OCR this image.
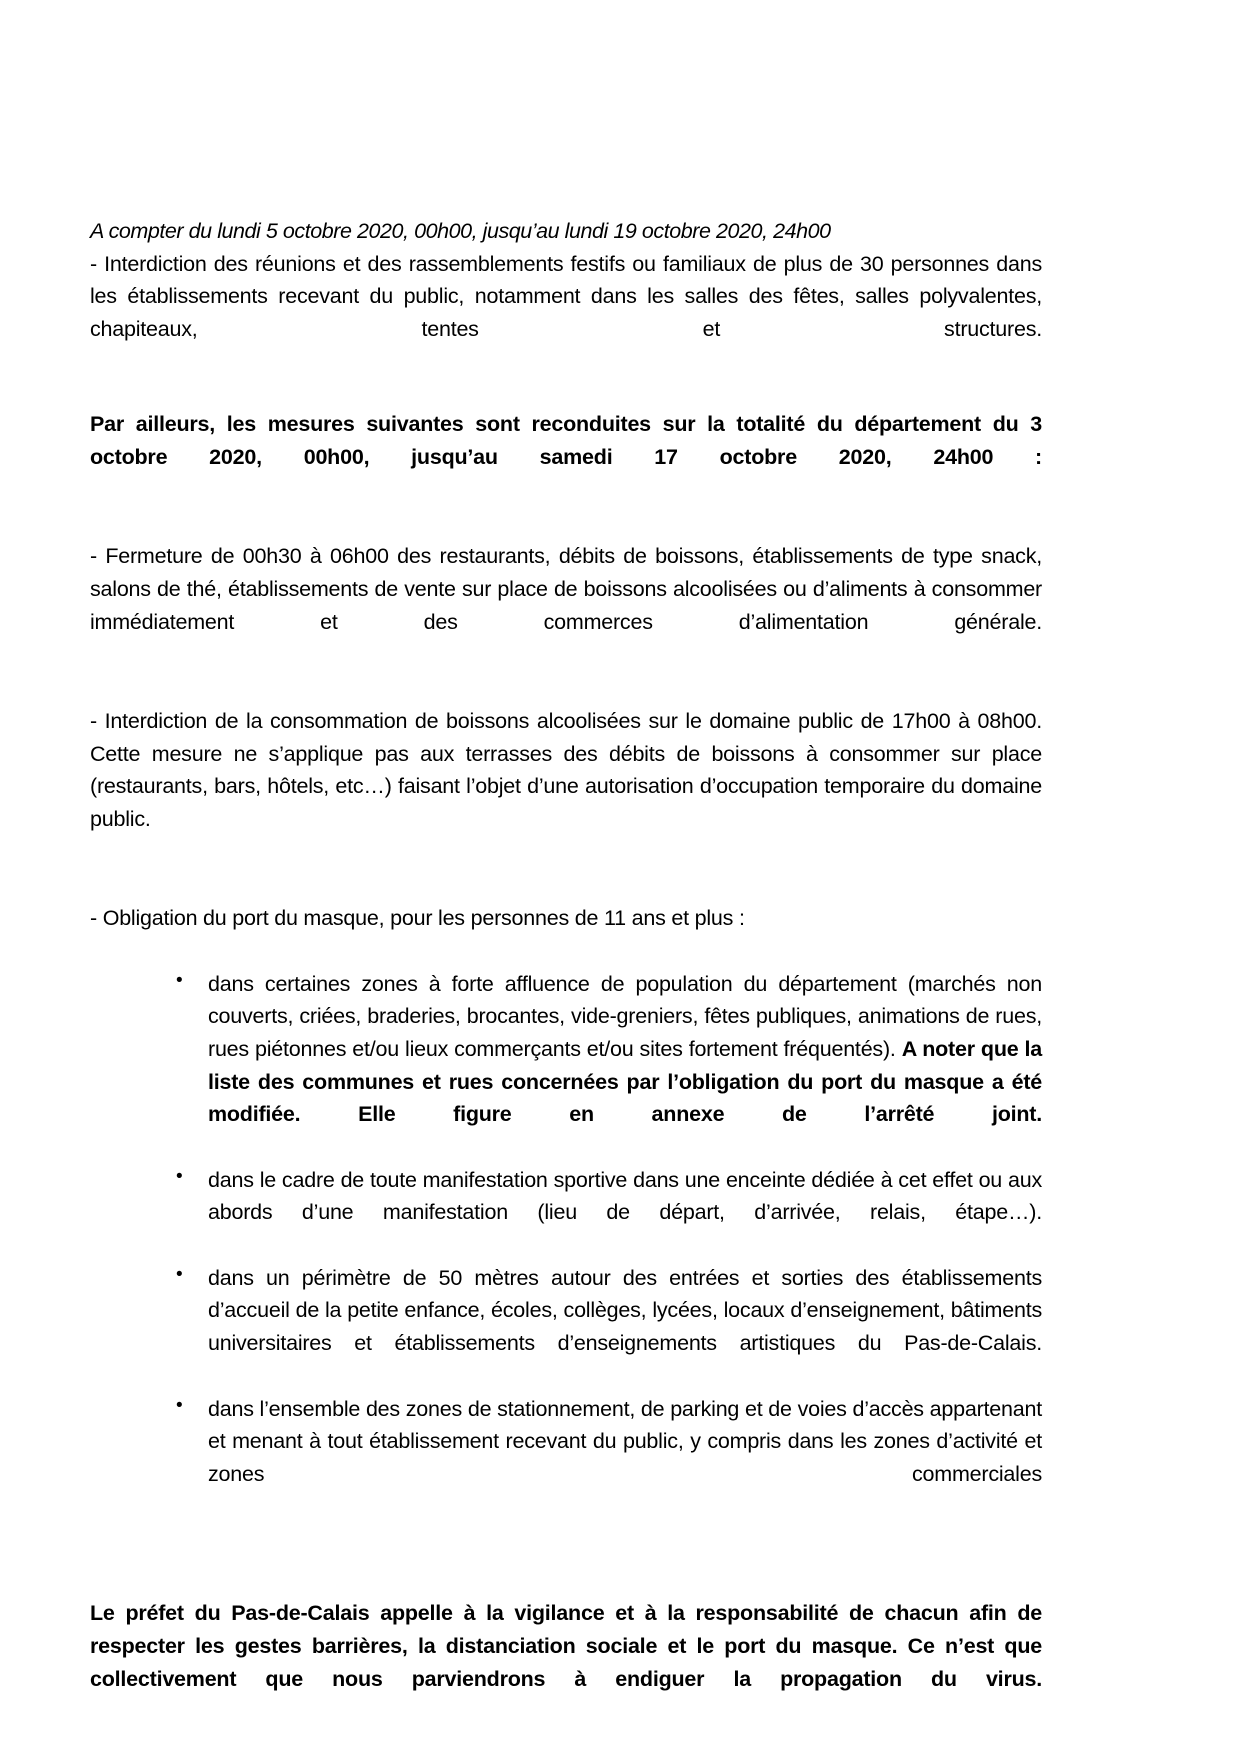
A compter du lundi 5 octobre 2020, 00h00, jusqu’au lundi 19 octobre 2020, 24h00
- Interdiction des réunions et des rassemblements festifs ou familiaux de plus de 30 personnes dans les établissements recevant du public, notamment dans les salles des fêtes, salles polyvalentes, chapiteaux, tentes et structures.

Par ailleurs, les mesures suivantes sont reconduites sur la totalité du département du 3 octobre 2020, 00h00, jusqu’au samedi 17 octobre 2020, 24h00 :

- Fermeture de 00h30 à 06h00 des restaurants, débits de boissons, établissements de type snack, salons de thé, établissements de vente sur place de boissons alcoolisées ou d’aliments à consommer immédiatement et des commerces d’alimentation générale.

- Interdiction de la consommation de boissons alcoolisées sur le domaine public de 17h00 à 08h00. Cette mesure ne s’applique pas aux terrasses des débits de boissons à consommer sur place (restaurants, bars, hôtels, etc…) faisant l’objet d’une autorisation d’occupation temporaire du domaine public.

- Obligation du port du masque, pour les personnes de 11 ans et plus :

• dans certaines zones à forte affluence de population du département (marchés non couverts, criées, braderies, brocantes, vide-greniers, fêtes publiques, animations de rues, rues piétonnes et/ou lieux commerçants et/ou sites fortement fréquentés). A noter que la liste des communes et rues concernées par l’obligation du port du masque a été modifiée. Elle figure en annexe de l’arrêté joint.
• dans le cadre de toute manifestation sportive dans une enceinte dédiée à cet effet ou aux abords d’une manifestation (lieu de départ, d’arrivée, relais, étape…).
• dans un périmètre de 50 mètres autour des entrées et sorties des établissements d’accueil de la petite enfance, écoles, collèges, lycées, locaux d’enseignement, bâtiments universitaires et établissements d’enseignements artistiques du Pas-de-Calais.
• dans l’ensemble des zones de stationnement, de parking et de voies d’accès appartenant et menant à tout établissement recevant du public, y compris dans les zones d’activité et zones commerciales

Le préfet du Pas-de-Calais appelle à la vigilance et à la responsabilité de chacun afin de respecter les gestes barrières, la distanciation sociale et le port du masque. Ce n’est que collectivement que nous parviendrons à endiguer la propagation du virus.
